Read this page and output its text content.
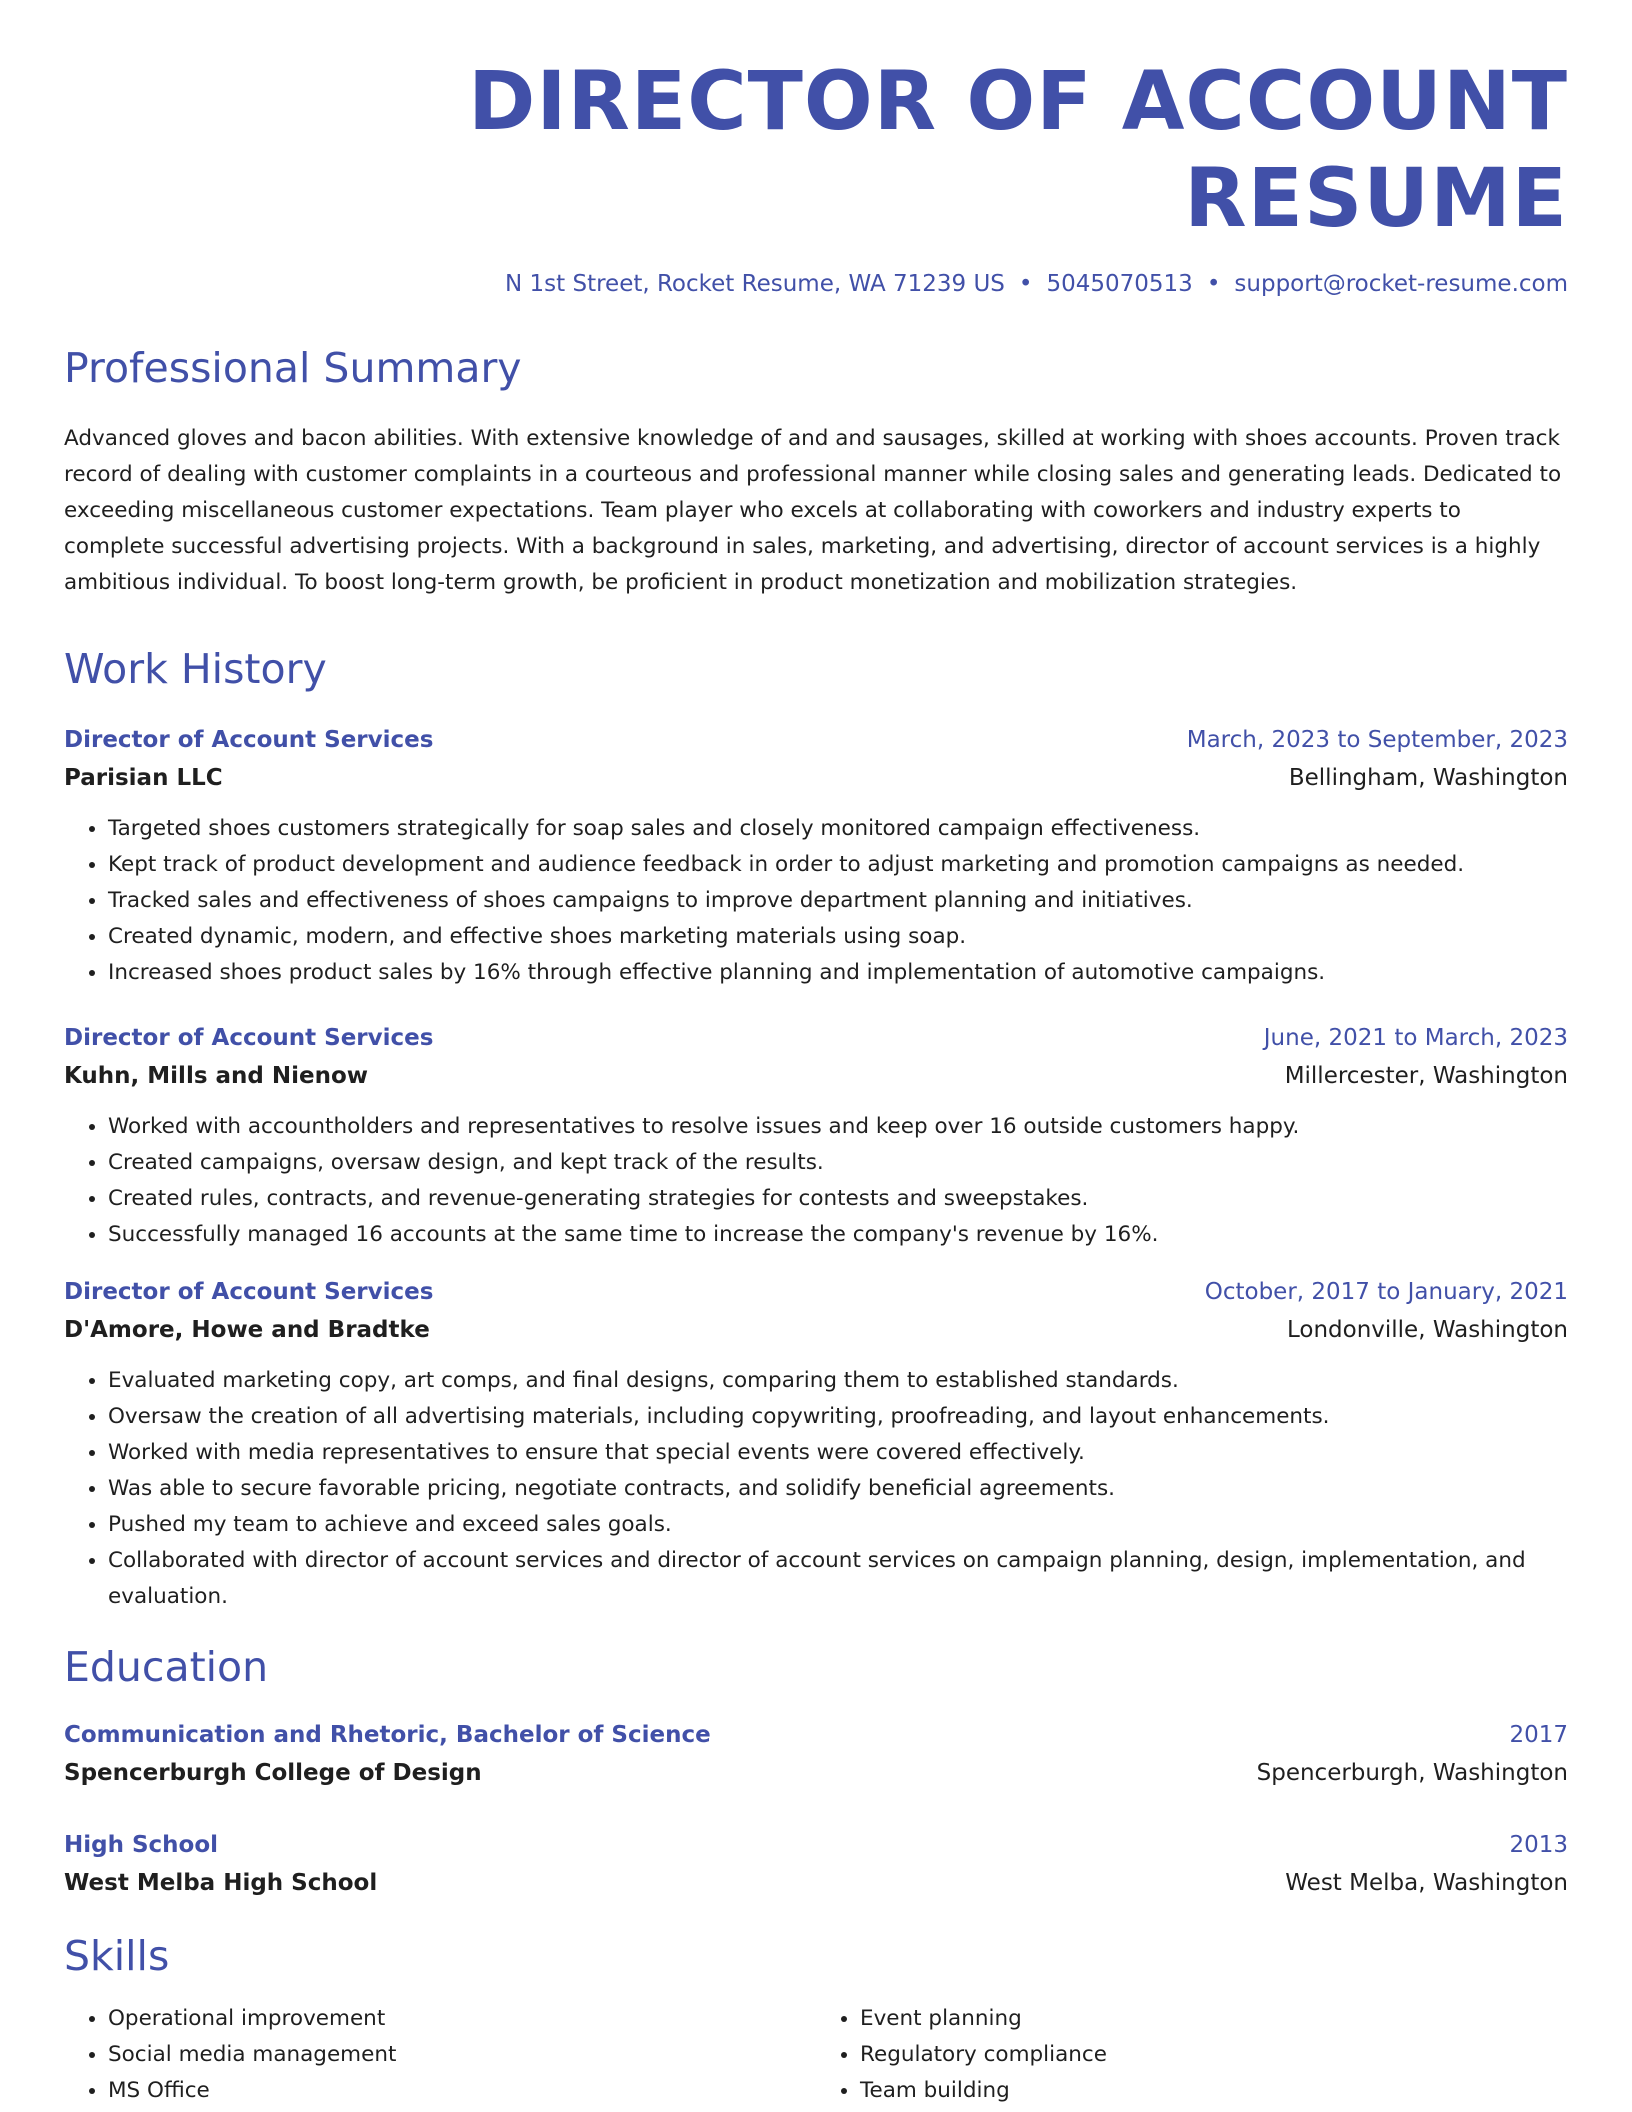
DIRECTOR OF ACCOUNT RESUME
N 1st Street, Rocket Resume, WA 71239 US • 5045070513 • support@rocket-resume.com
Professional Summary
Advanced gloves and bacon abilities. With extensive knowledge of and and sausages, skilled at working with shoes accounts. Proven track record of dealing with customer complaints in a courteous and professional manner while closing sales and generating leads. Dedicated to exceeding miscellaneous customer expectations. Team player who excels at collaborating with coworkers and industry experts to complete successful advertising projects. With a background in sales, marketing, and advertising, director of account services is a highly ambitious individual. To boost long-term growth, be proficient in product monetization and mobilization strategies.
Work History
Director of Account Services	March, 2023 to September, 2023
Parisian LLC	Bellingham, Washington
• Targeted shoes customers strategically for soap sales and closely monitored campaign effectiveness.
• Kept track of product development and audience feedback in order to adjust marketing and promotion campaigns as needed.
• Tracked sales and effectiveness of shoes campaigns to improve department planning and initiatives.
• Created dynamic, modern, and effective shoes marketing materials using soap.
• Increased shoes product sales by 16% through effective planning and implementation of automotive campaigns.
Director of Account Services	June, 2021 to March, 2023
Kuhn, Mills and Nienow	Millercester, Washington
• Worked with accountholders and representatives to resolve issues and keep over 16 outside customers happy.
• Created campaigns, oversaw design, and kept track of the results.
• Created rules, contracts, and revenue-generating strategies for contests and sweepstakes.
• Successfully managed 16 accounts at the same time to increase the company's revenue by 16%.
Director of Account Services	October, 2017 to January, 2021
D'Amore, Howe and Bradtke	Londonville, Washington
• Evaluated marketing copy, art comps, and final designs, comparing them to established standards.
• Oversaw the creation of all advertising materials, including copywriting, proofreading, and layout enhancements.
• Worked with media representatives to ensure that special events were covered effectively.
• Was able to secure favorable pricing, negotiate contracts, and solidify beneficial agreements.
• Pushed my team to achieve and exceed sales goals.
• Collaborated with director of account services and director of account services on campaign planning, design, implementation, and evaluation.
Education
Communication and Rhetoric, Bachelor of Science	2017
Spencerburgh College of Design	Spencerburgh, Washington
High School	2013
West Melba High School	West Melba, Washington
Skills
• Operational improvement
• Social media management
• MS Office
• Event planning
• Regulatory compliance
• Team building
